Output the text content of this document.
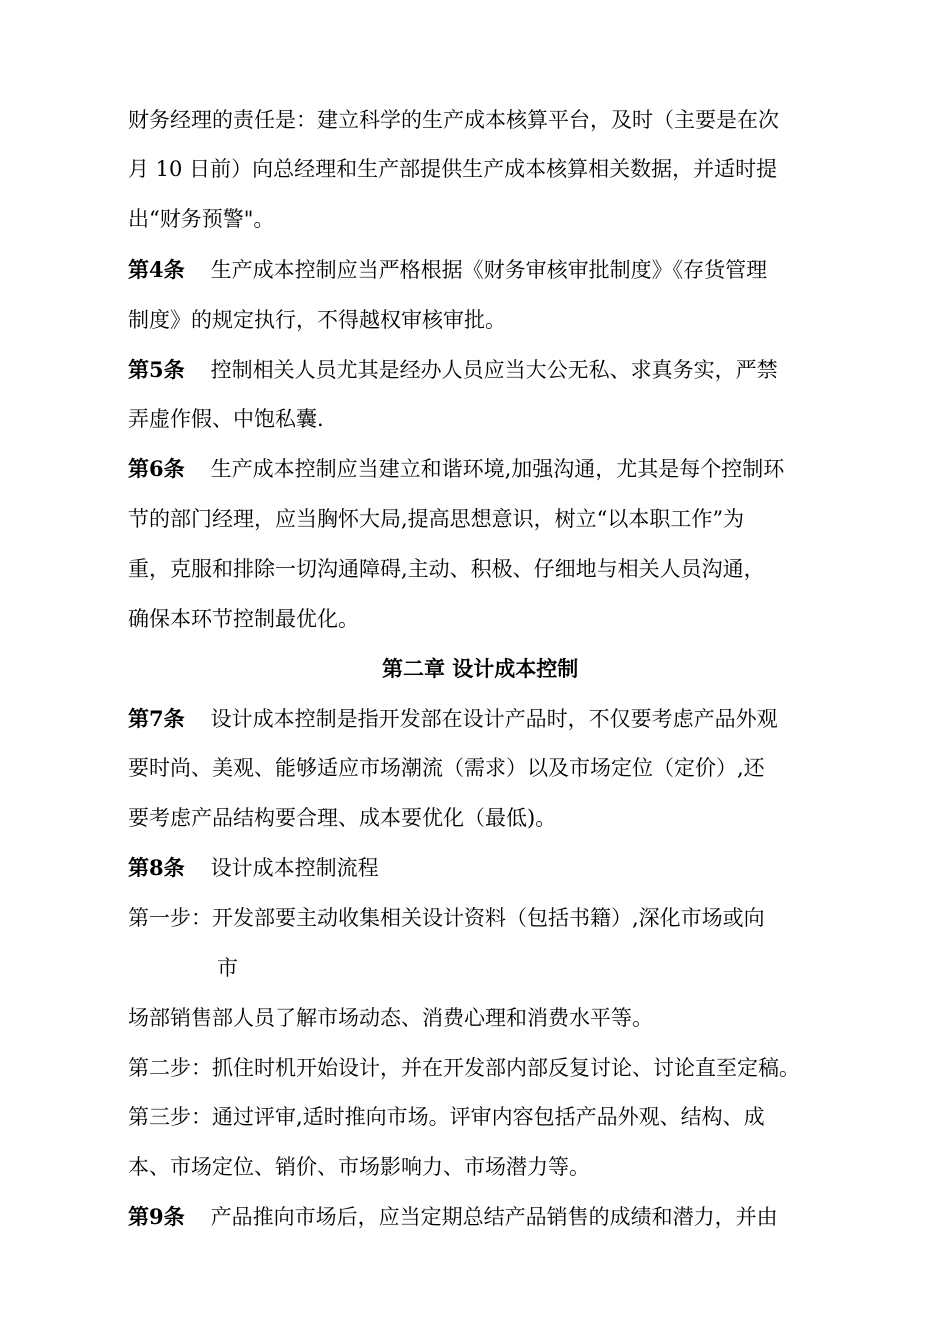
财务经理的责任是：建立科学的生产成本核算平台，及时（主要是在次
月 10 日前）向总经理和生产部提供生产成本核算相关数据，并适时提
出“财务预警"。
第4条 生产成本控制应当严格根据《财务审核审批制度》《存货管理
制度》的规定执行，不得越权审核审批。
第5条 控制相关人员尤其是经办人员应当大公无私、求真务实，严禁
弄虚作假、中饱私囊.
第6条 生产成本控制应当建立和谐环境,加强沟通，尤其是每个控制环
节的部门经理，应当胸怀大局,提高思想意识，树立“以本职工作”为
重，克服和排除一切沟通障碍,主动、积极、仔细地与相关人员沟通，
确保本环节控制最优化。
第二章 设计成本控制
第7条 设计成本控制是指开发部在设计产品时，不仅要考虑产品外观
要时尚、美观、能够适应市场潮流（需求）以及市场定位（定价）,还
要考虑产品结构要合理、成本要优化（最低)。
第8条 设计成本控制流程
第一步：开发部要主动收集相关设计资料（包括书籍）,深化市场或向
市
场部销售部人员了解市场动态、消费心理和消费水平等。
第二步：抓住时机开始设计，并在开发部内部反复讨论、讨论直至定稿。
第三步：通过评审,适时推向市场。评审内容包括产品外观、结构、成
本、市场定位、销价、市场影响力、市场潜力等。
第9条 产品推向市场后，应当定期总结产品销售的成绩和潜力，并由
